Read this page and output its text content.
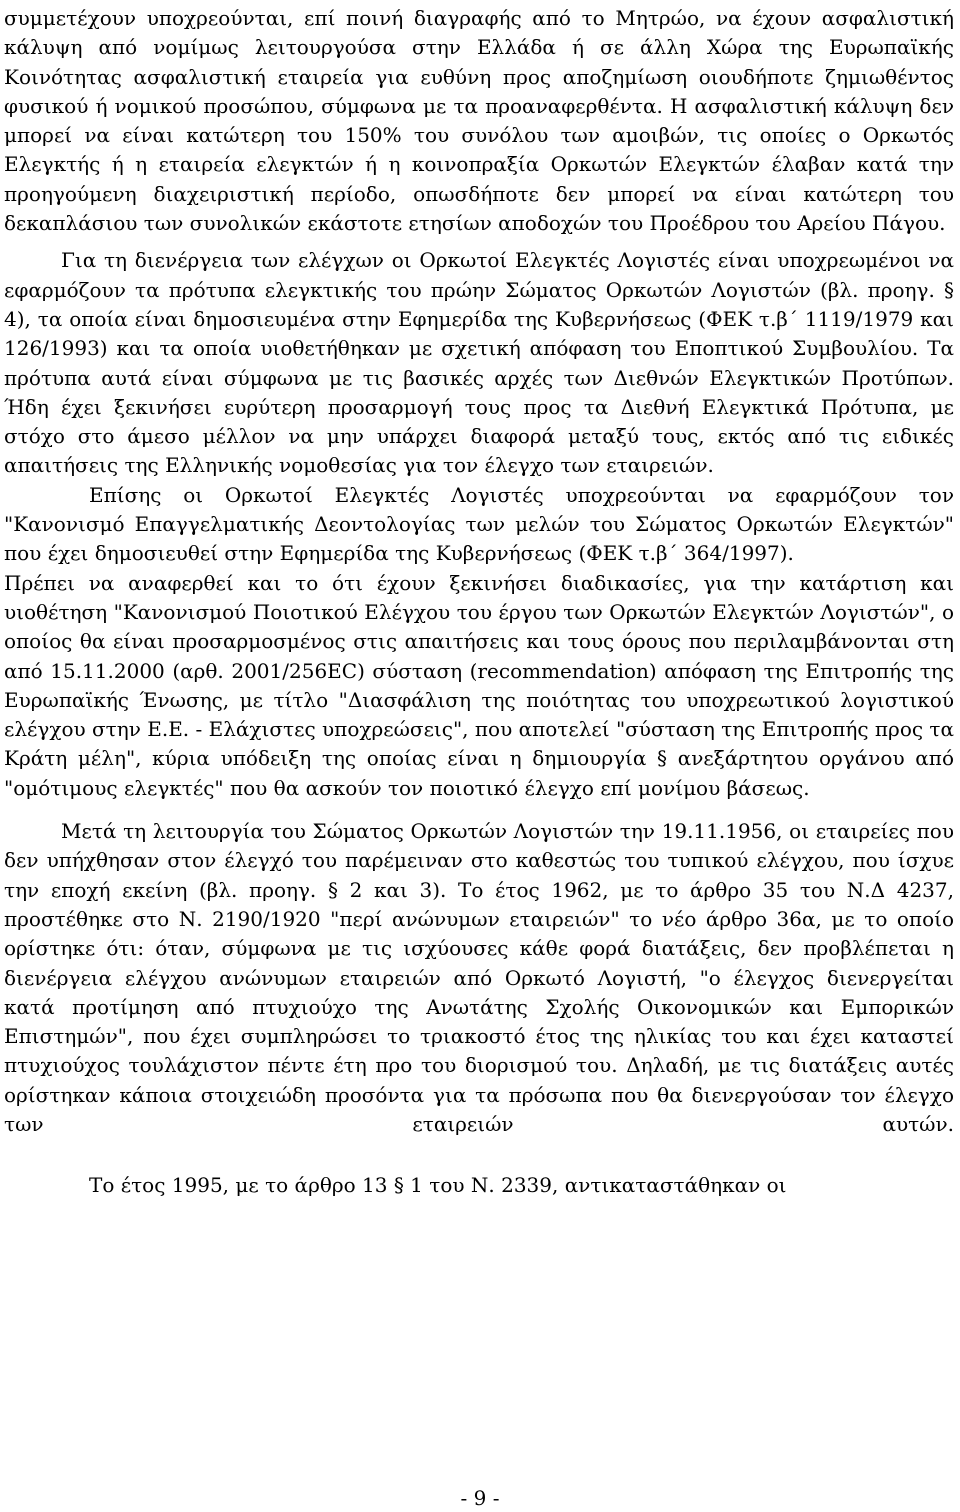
συμμετέχουν υποχρεούνται, επί ποινή διαγραφής από το Μητρώο, να έχουν ασφαλιστική κάλυψη από νομίμως λειτουργούσα στην Ελλάδα ή σε άλλη Χώρα της Ευρωπαϊκής Κοινότητας ασφαλιστική εταιρεία για ευθύνη προς αποζημίωση οιουδήποτε ζημιωθέντος φυσικού ή νομικού προσώπου, σύμφωνα με τα προαναφερθέντα. Η ασφαλιστική κάλυψη δεν μπορεί να είναι κατώτερη του 150% του συνόλου των αμοιβών, τις οποίες ο Ορκωτός Ελεγκτής ή η εταιρεία ελεγκτών ή η κοινοπραξία Ορκωτών Ελεγκτών έλαβαν κατά την προηγούμενη διαχειριστική περίοδο, οπωσδήποτε δεν μπορεί να είναι κατώτερη του δεκαπλάσιου των συνολικών εκάστοτε ετησίων αποδοχών του Προέδρου του Αρείου Πάγου.

Για τη διενέργεια των ελέγχων οι Ορκωτοί Ελεγκτές Λογιστές είναι υποχρεωμένοι να εφαρμόζουν τα πρότυπα ελεγκτικής του πρώην Σώματος Ορκωτών Λογιστών (βλ. προηγ. § 4), τα οποία είναι δημοσιευμένα στην Εφημερίδα της Κυβερνήσεως (ΦΕΚ τ.β΄ 1119/1979 και 126/1993) και τα οποία υιοθετήθηκαν με σχετική απόφαση του Εποπτικού Συμβουλίου. Τα πρότυπα αυτά είναι σύμφωνα με τις βασικές αρχές των Διεθνών Ελεγκτικών Προτύπων. Ήδη έχει ξεκινήσει ευρύτερη προσαρμογή τους προς τα Διεθνή Ελεγκτικά Πρότυπα, με στόχο στο άμεσο μέλλον να μην υπάρχει διαφορά μεταξύ τους, εκτός από τις ειδικές απαιτήσεις της Ελληνικής νομοθεσίας για τον έλεγχο των εταιρειών.

Επίσης οι Ορκωτοί Ελεγκτές Λογιστές υποχρεούνται να εφαρμόζουν τον "Κανονισμό Επαγγελματικής Δεοντολογίας των μελών του Σώματος Ορκωτών Ελεγκτών" που έχει δημοσιευθεί στην Εφημερίδα της Κυβερνήσεως (ΦΕΚ τ.β΄ 364/1997).

Πρέπει να αναφερθεί και το ότι έχουν ξεκινήσει διαδικασίες, για την κατάρτιση και υιοθέτηση "Κανονισμού Ποιοτικού Ελέγχου του έργου των Ορκωτών Ελεγκτών Λογιστών", ο οποίος θα είναι προσαρμοσμένος στις απαιτήσεις και τους όρους που περιλαμβάνονται στη από 15.11.2000 (αρθ. 2001/256ΕC) σύσταση (recommendation) απόφαση της Επιτροπής της Ευρωπαϊκής Ένωσης, με τίτλο "Διασφάλιση της ποιότητας του υποχρεωτικού λογιστικού ελέγχου στην Ε.Ε. - Ελάχιστες υποχρεώσεις", που αποτελεί "σύσταση της Επιτροπής προς τα Κράτη μέλη", κύρια υπόδειξη της οποίας είναι η δημιουργία § ανεξάρτητου οργάνου από "ομότιμους ελεγκτές" που θα ασκούν τον ποιοτικό έλεγχο επί μονίμου βάσεως.

Μετά τη λειτουργία του Σώματος Ορκωτών Λογιστών την 19.11.1956, οι εταιρείες που δεν υπήχθησαν στον έλεγχό του παρέμειναν στο καθεστώς του τυπικού ελέγχου, που ίσχυε την εποχή εκείνη (βλ. προηγ. § 2 και 3). Το έτος 1962, με το άρθρο 35 του Ν.Δ 4237, προστέθηκε στο Ν. 2190/1920 "περί ανώνυμων εταιρειών" το νέο άρθρο 36α, με το οποίο ορίστηκε ότι: όταν, σύμφωνα με τις ισχύουσες κάθε φορά διατάξεις, δεν προβλέπεται η διενέργεια ελέγχου ανώνυμων εταιρειών από Ορκωτό Λογιστή, "ο έλεγχος διενεργείται κατά προτίμηση από πτυχιούχο της Ανωτάτης Σχολής Οικονομικών και Εμπορικών Επιστημών", που έχει συμπληρώσει το τριακοστό έτος της ηλικίας του και έχει καταστεί πτυχιούχος τουλάχιστον πέντε έτη προ του διορισμού του. Δηλαδή, με τις διατάξεις αυτές ορίστηκαν κάποια στοιχειώδη προσόντα για τα πρόσωπα που θα διενεργούσαν τον έλεγχο των εταιρειών αυτών.

Το έτος 1995, με το άρθρο 13 § 1 του Ν. 2339, αντικαταστάθηκαν οι

- 9 -
